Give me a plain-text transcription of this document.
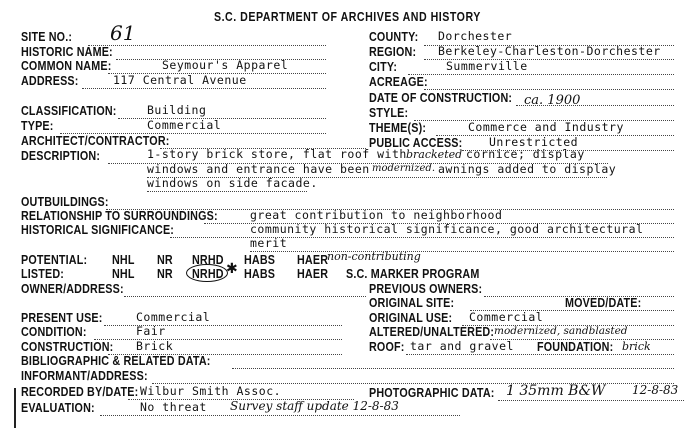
S.C. DEPARTMENT OF ARCHIVES AND HISTORY
SITE NO.: 61
HISTORIC NAME:
COMMON NAME:	Seymour's Apparel
ADDRESS:	117 Central Avenue
CLASSIFICATION:	Building
TYPE:	Commercial
ARCHITECT/CONTRACTOR:
DESCRIPTION:	1-story brick store, flat roof with bracketed cornice; display
windows and entrance have been modernized. awnings added to display
windows on side facade.
COUNTY: Dorchester
REGION: Berkeley-Charleston-Dorchester
CITY:	Summerville
ACREAGE:
DATE OF CONSTRUCTION: ca. 1900
STYLE:
THEME(S):	Commerce and Industry
PUBLIC ACCESS: Unrestricted
OUTBUILDINGS:
RELATIONSHIP TO SURROUNDINGS:	great contribution to neighborhood
HISTORICAL SIGNIFICANCE:	community historical significance, good architectural
merit
POTENTIAL: NHL NR NRHD HABS HAER
non-contributing
LISTED:	NHL NR NRHD ✱ HABS HAER S.C. MARKER PROGRAM
OWNER/ADDRESS:	PREVIOUS OWNERS:
ORIGINAL SITE:	MOVED/DATE:
ORIGINAL USE: Commercial
ALTERED/UNALTERED: modernized, sandblasted
ROOF: tar and gravel FOUNDATION: brick
PHOTOGRAPHIC DATA: 1 35mm B&W 12-8-83
PRESENT USE:	Commercial
CONDITION:	Fair
CONSTRUCTION: Brick
BIBLIOGRAPHIC & RELATED DATA:
INFORMANT/ADDRESS:
RECORDED BY/DATE: Wilbur Smith Assoc.
EVALUATION:	No threat Survey staff update 12-8-83
